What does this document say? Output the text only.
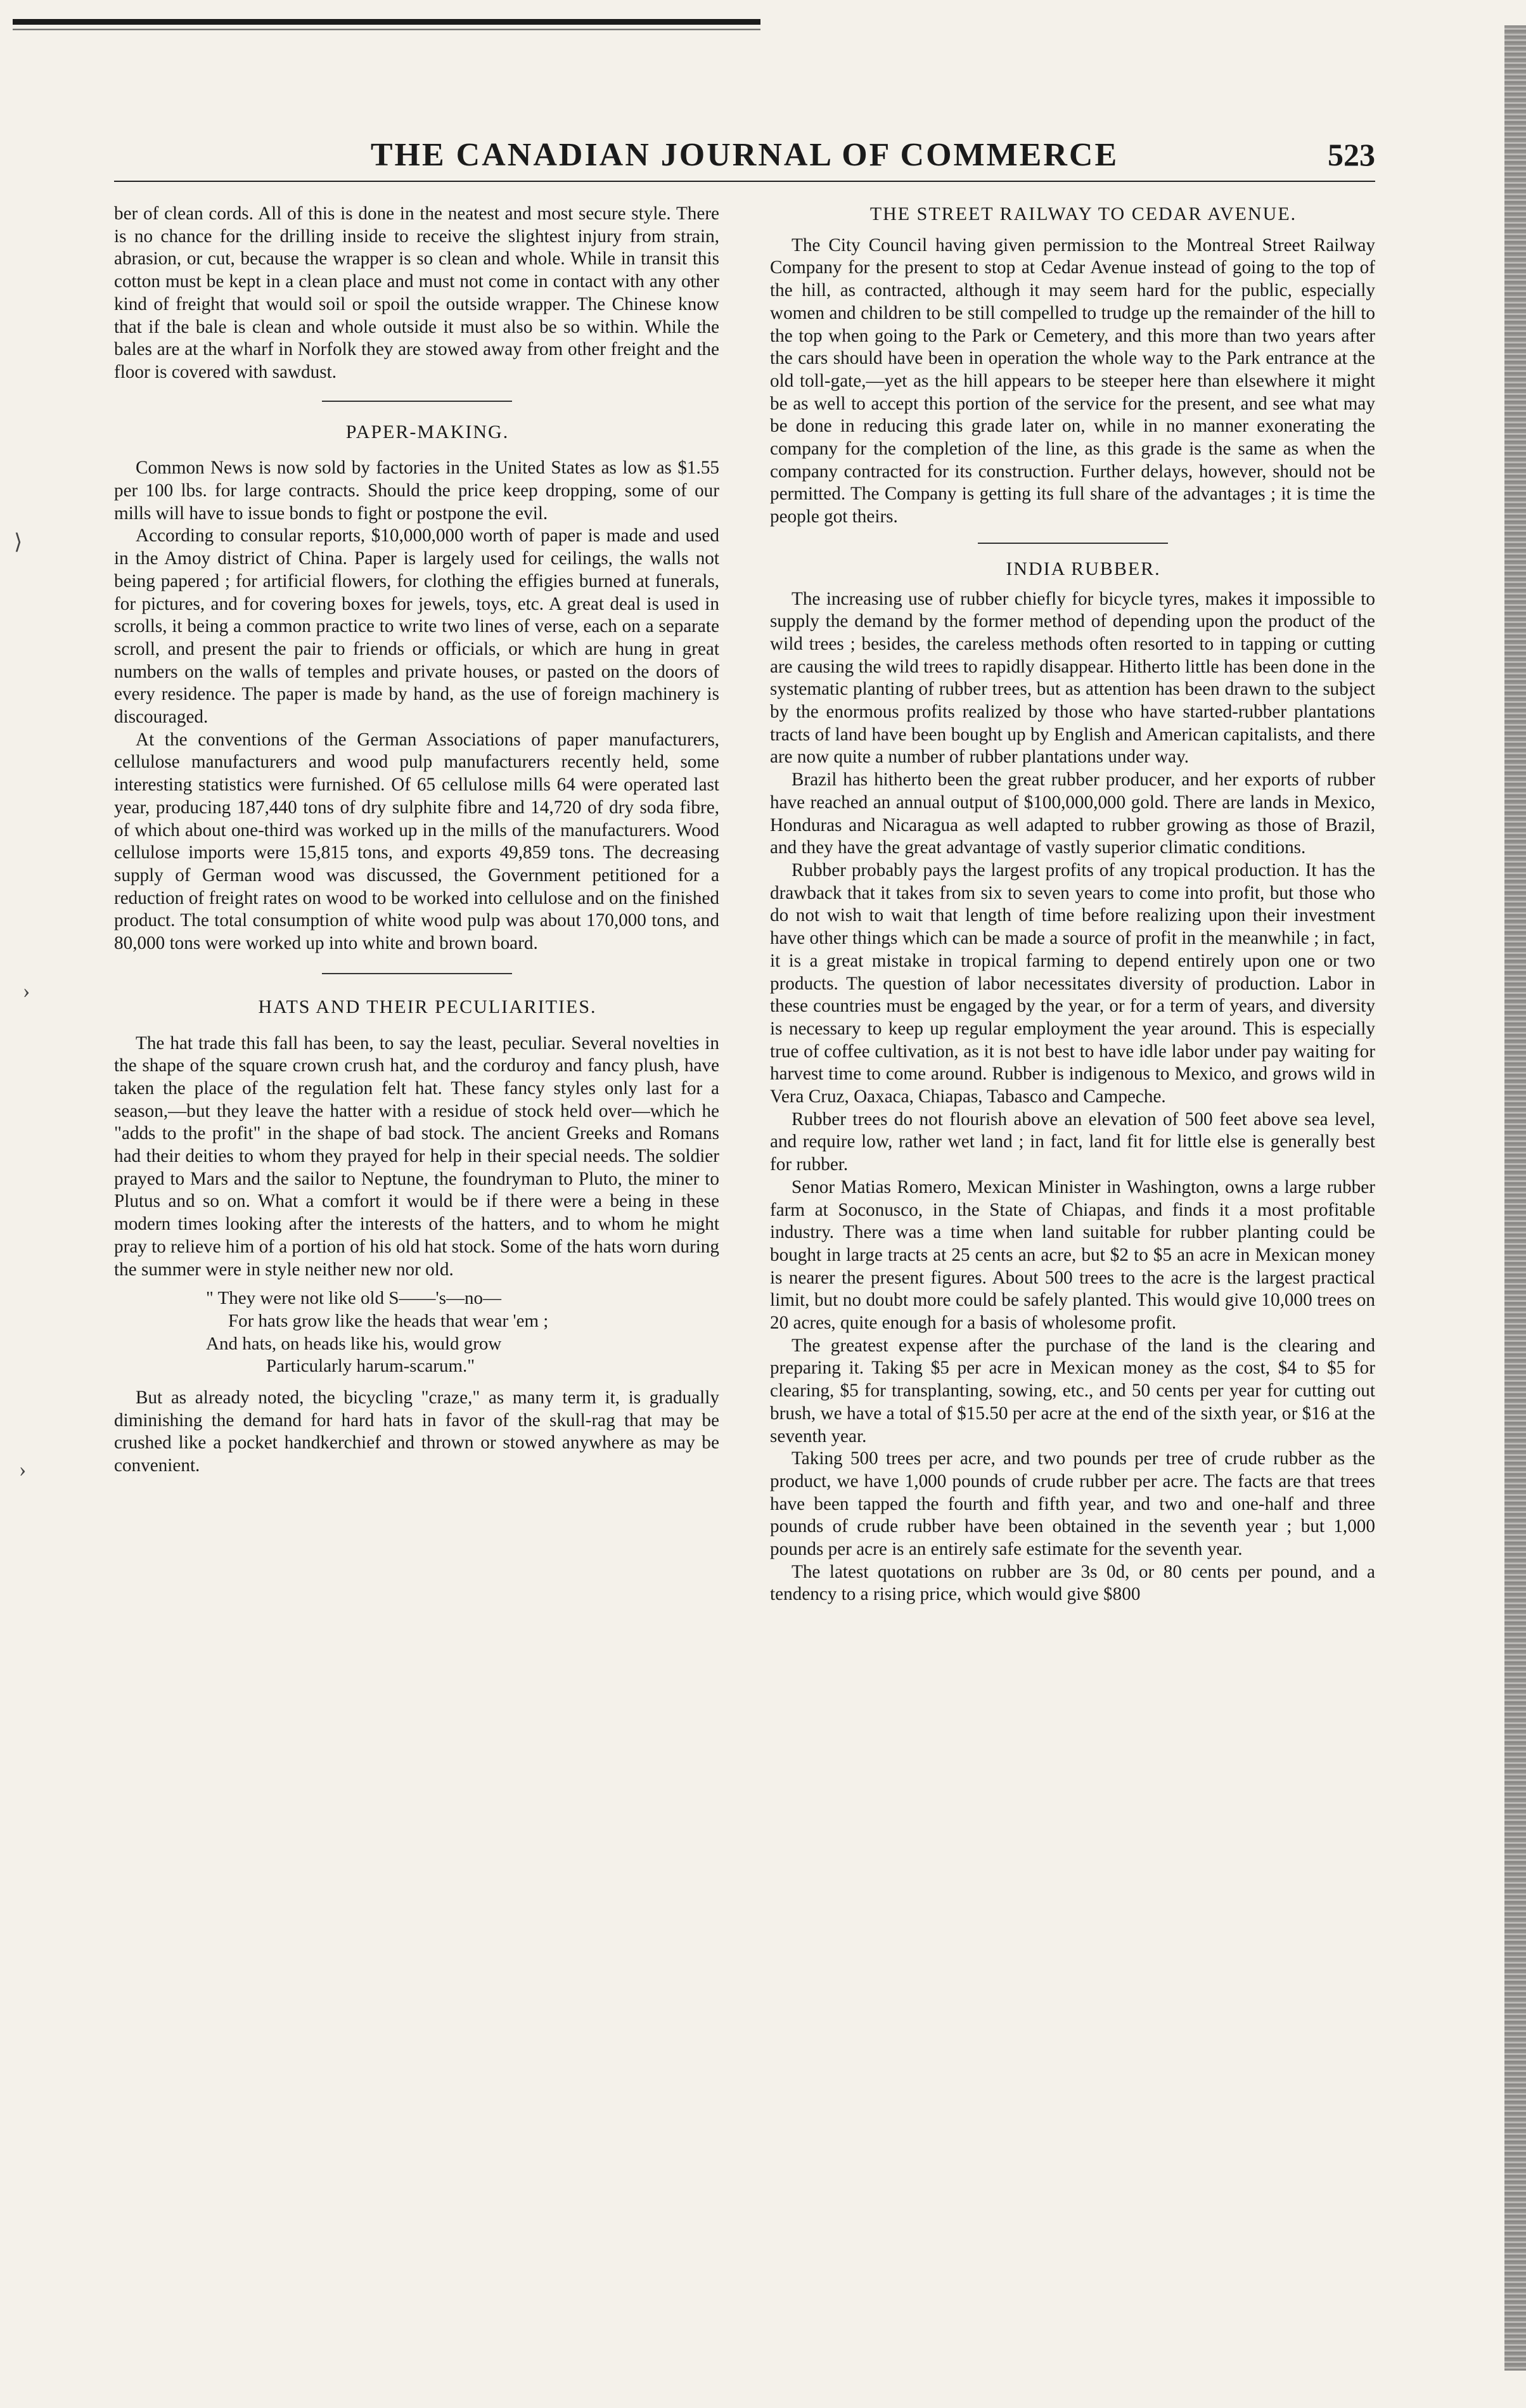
⟩
›
›
THE CANADIAN JOURNAL OF COMMERCE	523

ber of clean cords. All of this is done in the neatest and most secure style. There is no chance for the drilling inside to receive the slightest injury from strain, abrasion, or cut, because the wrapper is so clean and whole. While in transit this cotton must be kept in a clean place and must not come in contact with any other kind of freight that would soil or spoil the outside wrapper. The Chinese know that if the bale is clean and whole outside it must also be so within. While the bales are at the wharf in Norfolk they are stowed away from other freight and the floor is covered with sawdust.

PAPER-MAKING.

Common News is now sold by factories in the United States as low as $1.55 per 100 lbs. for large contracts. Should the price keep dropping, some of our mills will have to issue bonds to fight or postpone the evil.

According to consular reports, $10,000,000 worth of paper is made and used in the Amoy district of China. Paper is largely used for ceilings, the walls not being papered ; for artificial flowers, for clothing the effigies burned at funerals, for pictures, and for covering boxes for jewels, toys, etc. A great deal is used in scrolls, it being a common practice to write two lines of verse, each on a separate scroll, and present the pair to friends or officials, or which are hung in great numbers on the walls of temples and private houses, or pasted on the doors of every residence. The paper is made by hand, as the use of foreign machinery is discouraged.

At the conventions of the German Associations of paper manufacturers, cellulose manufacturers and wood pulp manufacturers recently held, some interesting statistics were furnished. Of 65 cellulose mills 64 were operated last year, producing 187,440 tons of dry sulphite fibre and 14,720 of dry soda fibre, of which about one-third was worked up in the mills of the manufacturers. Wood cellulose imports were 15,815 tons, and exports 49,859 tons. The decreasing supply of German wood was discussed, the Government petitioned for a reduction of freight rates on wood to be worked into cellulose and on the finished product. The total consumption of white wood pulp was about 170,000 tons, and 80,000 tons were worked up into white and brown board.

HATS AND THEIR PECULIARITIES.

The hat trade this fall has been, to say the least, peculiar. Several novelties in the shape of the square crown crush hat, and the corduroy and fancy plush, have taken the place of the regulation felt hat. These fancy styles only last for a season,—but they leave the hatter with a residue of stock held over—which he "adds to the profit" in the shape of bad stock. The ancient Greeks and Romans had their deities to whom they prayed for help in their special needs. The soldier prayed to Mars and the sailor to Neptune, the foundryman to Pluto, the miner to Plutus and so on. What a comfort it would be if there were a being in these modern times looking after the interests of the hatters, and to whom he might pray to relieve him of a portion of his old hat stock. Some of the hats worn during the summer were in style neither new nor old.

" They were not like old S——'s—no—
For hats grow like the heads that wear 'em ;
And hats, on heads like his, would grow
Particularly harum-scarum."

But as already noted, the bicycling "craze," as many term it, is gradually diminishing the demand for hard hats in favor of the skull-rag that may be crushed like a pocket handkerchief and thrown or stowed anywhere as may be convenient.

THE STREET RAILWAY TO CEDAR AVENUE.

The City Council having given permission to the Montreal Street Railway Company for the present to stop at Cedar Avenue instead of going to the top of the hill, as contracted, although it may seem hard for the public, especially women and children to be still compelled to trudge up the remainder of the hill to the top when going to the Park or Cemetery, and this more than two years after the cars should have been in operation the whole way to the Park entrance at the old toll-gate,—yet as the hill appears to be steeper here than elsewhere it might be as well to accept this portion of the service for the present, and see what may be done in reducing this grade later on, while in no manner exonerating the company for the completion of the line, as this grade is the same as when the company contracted for its construction. Further delays, however, should not be permitted. The Company is getting its full share of the advantages ; it is time the people got theirs.

INDIA RUBBER.

The increasing use of rubber chiefly for bicycle tyres, makes it impossible to supply the demand by the former method of depending upon the product of the wild trees ; besides, the careless methods often resorted to in tapping or cutting are causing the wild trees to rapidly disappear. Hitherto little has been done in the systematic planting of rubber trees, but as attention has been drawn to the subject by the enormous profits realized by those who have started-rubber plantations tracts of land have been bought up by English and American capitalists, and there are now quite a number of rubber plantations under way.

Brazil has hitherto been the great rubber producer, and her exports of rubber have reached an annual output of $100,000,000 gold. There are lands in Mexico, Honduras and Nicaragua as well adapted to rubber growing as those of Brazil, and they have the great advantage of vastly superior climatic conditions.

Rubber probably pays the largest profits of any tropical production. It has the drawback that it takes from six to seven years to come into profit, but those who do not wish to wait that length of time before realizing upon their investment have other things which can be made a source of profit in the meanwhile ; in fact, it is a great mistake in tropical farming to depend entirely upon one or two products. The question of labor necessitates diversity of production. Labor in these countries must be engaged by the year, or for a term of years, and diversity is necessary to keep up regular employment the year around. This is especially true of coffee cultivation, as it is not best to have idle labor under pay waiting for harvest time to come around. Rubber is indigenous to Mexico, and grows wild in Vera Cruz, Oaxaca, Chiapas, Tabasco and Campeche.

Rubber trees do not flourish above an elevation of 500 feet above sea level, and require low, rather wet land ; in fact, land fit for little else is generally best for rubber.

Senor Matias Romero, Mexican Minister in Washington, owns a large rubber farm at Soconusco, in the State of Chiapas, and finds it a most profitable industry. There was a time when land suitable for rubber planting could be bought in large tracts at 25 cents an acre, but $2 to $5 an acre in Mexican money is nearer the present figures. About 500 trees to the acre is the largest practical limit, but no doubt more could be safely planted. This would give 10,000 trees on 20 acres, quite enough for a basis of wholesome profit.

The greatest expense after the purchase of the land is the clearing and preparing it. Taking $5 per acre in Mexican money as the cost, $4 to $5 for clearing, $5 for transplanting, sowing, etc., and 50 cents per year for cutting out brush, we have a total of $15.50 per acre at the end of the sixth year, or $16 at the seventh year.

Taking 500 trees per acre, and two pounds per tree of crude rubber as the product, we have 1,000 pounds of crude rubber per acre. The facts are that trees have been tapped the fourth and fifth year, and two and one-half and three pounds of crude rubber have been obtained in the seventh year ; but 1,000 pounds per acre is an entirely safe estimate for the seventh year.

The latest quotations on rubber are 3s 0d, or 80 cents per pound, and a tendency to a rising price, which would give $800
